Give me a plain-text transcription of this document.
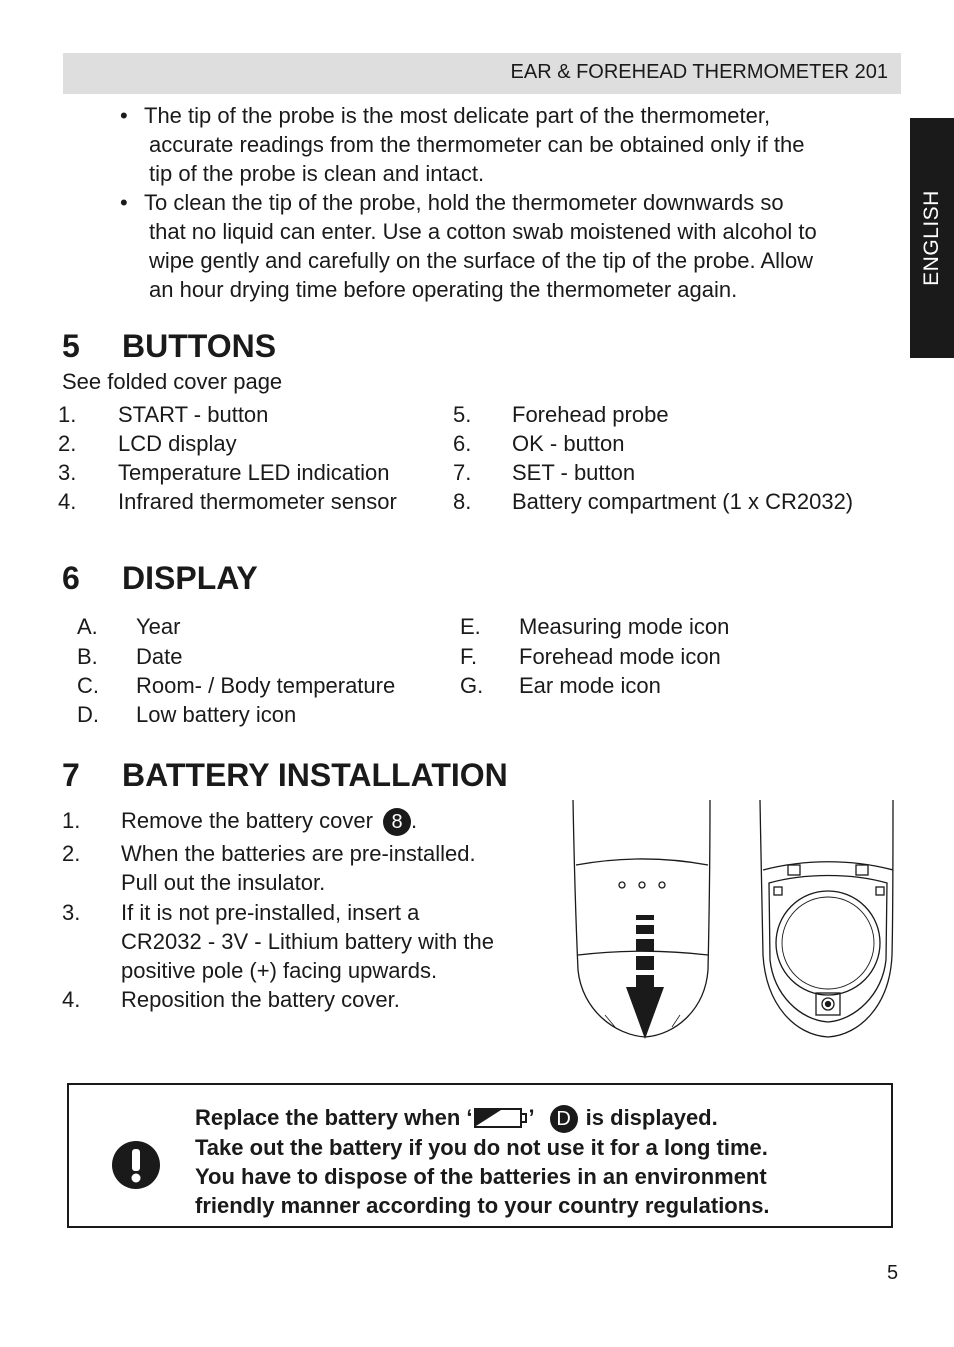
EAR & FOREHEAD THERMOMETER 201
ENGLISH
• The tip of the probe is the most delicate part of the thermometer,
accurate readings from the thermometer can be obtained only if the
tip of the probe is clean and intact.
• To clean the tip of the probe, hold the thermometer downwards so
that no liquid can enter. Use a cotton swab moistened with alcohol to
wipe gently and carefully on the surface of the tip of the probe. Allow
an hour drying time before operating the thermometer again.
5 BUTTONS
See folded cover page
1. START - button
2. LCD display
3. Temperature LED indication
4. Infrared thermometer sensor
5. Forehead probe
6. OK - button
7. SET - button
8. Battery compartment (1 x CR2032)
6 DISPLAY
A. Year
B. Date
C. Room- / Body temperature
D. Low battery icon
E. Measuring mode icon
F. Forehead mode icon
G. Ear mode icon
7 BATTERY INSTALLATION
1. Remove the battery cover 8 .
2. When the batteries are pre-installed.
Pull out the insulator.
3. If it is not pre-installed, insert a
CR2032 - 3V - Lithium battery with the
positive pole (+) facing upwards.
4. Reposition the battery cover.
Replace the battery when ‘	’ D is displayed.
Take out the battery if you do not use it for a long time.
You have to dispose of the batteries in an environment
friendly manner according to your country regulations.
5
